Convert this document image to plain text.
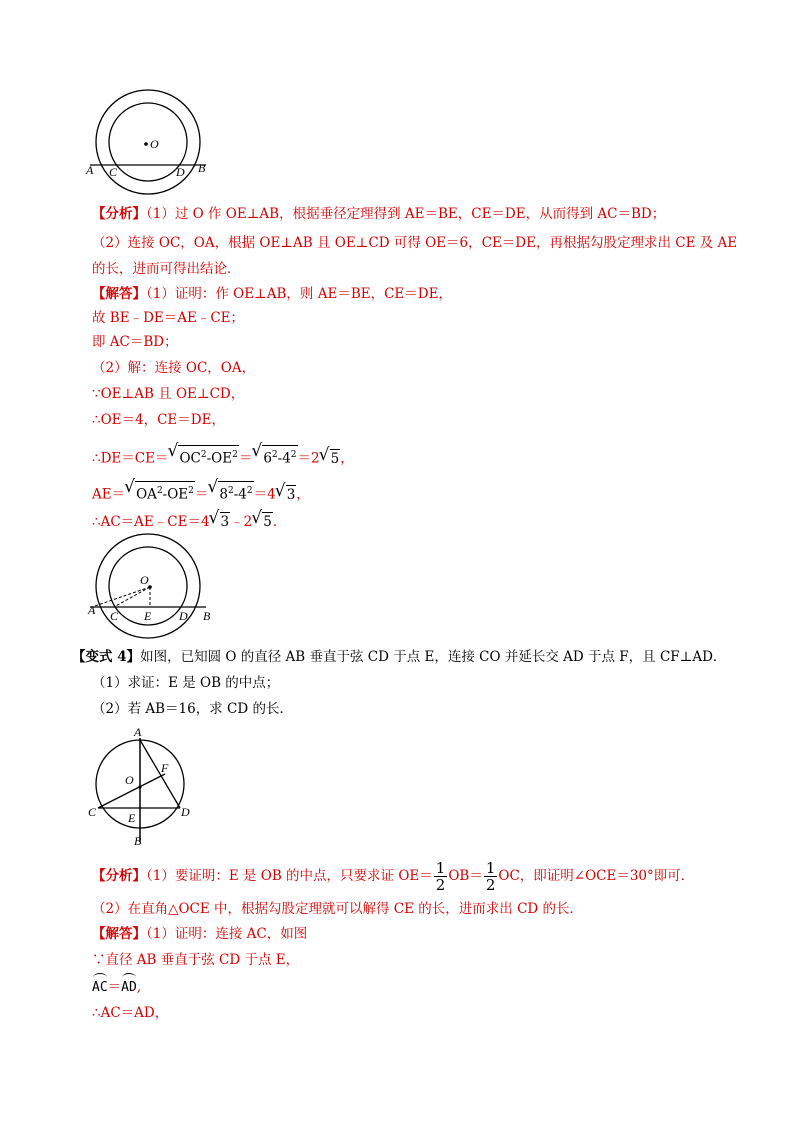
O
A C	D B
【分析】（1）过 O 作 OE⊥AB，根据垂径定理得到 AE＝BE，CE＝DE，从而得到 AC＝BD；
（2）连接 OC，OA，根据 OE⊥AB 且 OE⊥CD 可得 OE＝6，CE＝DE，再根据勾股定理求出 CE 及 AE
的长，进而可得出结论．
【解答】（1）证明：作 OE⊥AB，则 AE＝BE，CE＝DE，
故 BE﹣DE＝AE﹣CE；
即 AC＝BD；
（2）解：连接 OC，OA，
∵OE⊥AB 且 OE⊥CD，
∴OE＝4，CE＝DE，
∴DE＝CE＝√ $OC^2-OE^2=√$ $6^2-4^2=2√$ 5，
AE＝√ $OA^2-OE^2=√$ $8^2-4^2=4√$ 3，
∴AC＝AE﹣CE＝4√ 3﹣2√ 5．
O
A C E D B
【变式 4】如图，已知圆 O 的直径 AB 垂直于弦 CD 于点 E，连接 CO 并延长交 AD 于点 F，且 CF⊥AD．
（1）求证：E 是 OB 的中点；
（2）若 AB＝16，求 CD 的长．
A
O
F
C	E	D
B
【分析】（1）要证明：E 是 OB 的中点，只要求证 $OE= \frac{1}{2} OB= \frac{1}{2}$ OC，即证明∠OCE＝30°即可．
（2）在直角△OCE 中，根据勾股定理就可以解得 CE 的长，进而求出 CD 的长．
【解答】（1）证明：连接 AC，如图
∵直径 AB 垂直于弦 CD 于点 E，
AC＝AD,
∴AC＝AD，
